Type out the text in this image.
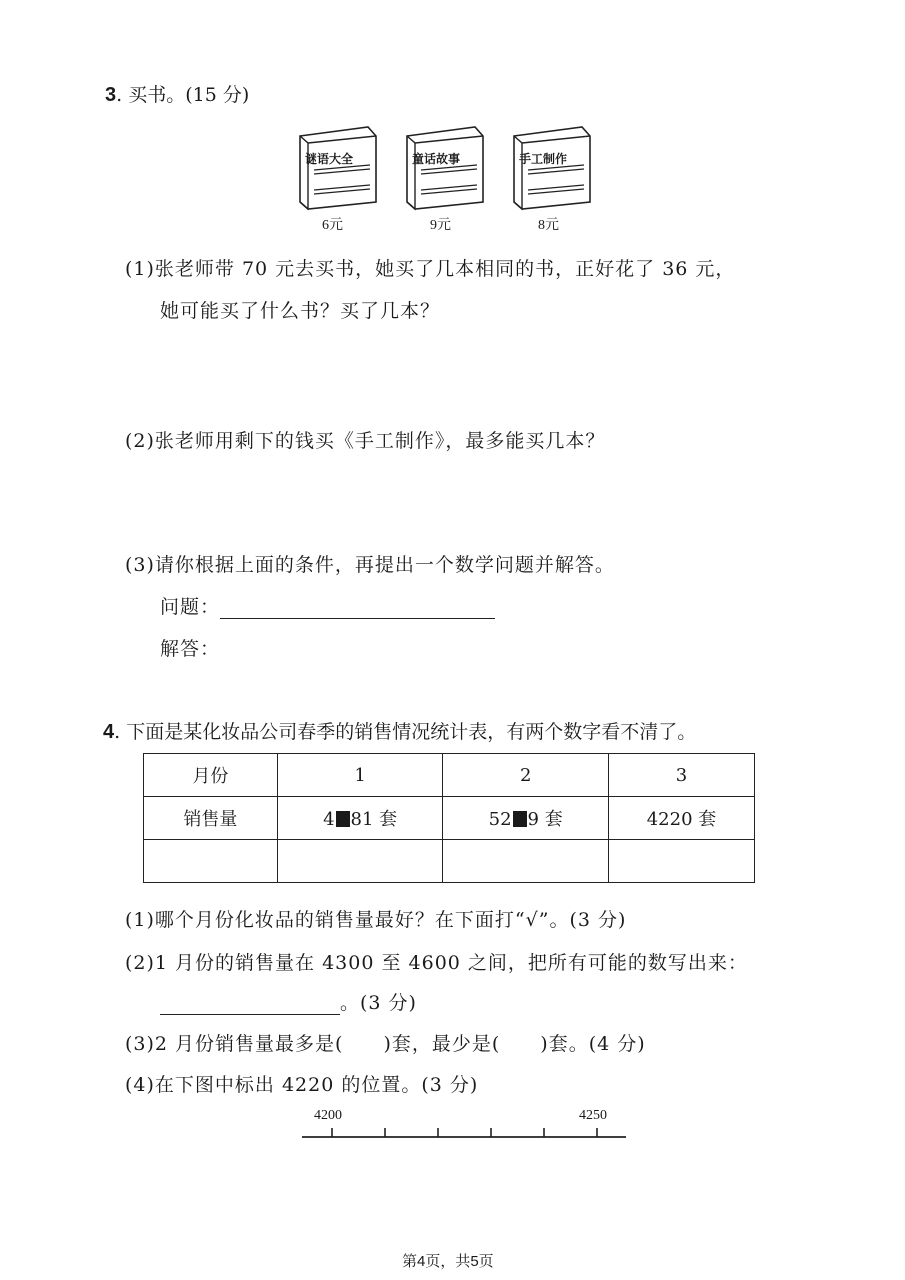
3. 买书。(15 分)
谜语大全	童话故事	手工制作
6元	9元	8元
(1)张老师带 70 元去买书，她买了几本相同的书，正好花了 36 元，
她可能买了什么书？买了几本？
(2)张老师用剩下的钱买《手工制作》，最多能买几本？
(3)请你根据上面的条件，再提出一个数学问题并解答。
问题：
解答：
4. 下面是某化妆品公司春季的销售情况统计表，有两个数字看不清了。
月份	1	2	3
销售量	4 81 套	52 9 套	4220 套

(1)哪个月份化妆品的销售量最好？在下面打“√”。(3 分)
(2)1 月份的销售量在 4300 至 4600 之间，把所有可能的数写出来：
。(3 分)
(3)2 月份销售量最多是( )套，最少是( )套。(4 分)
(4)在下图中标出 4220 的位置。(3 分)
4200	4250
第4页，共5页
